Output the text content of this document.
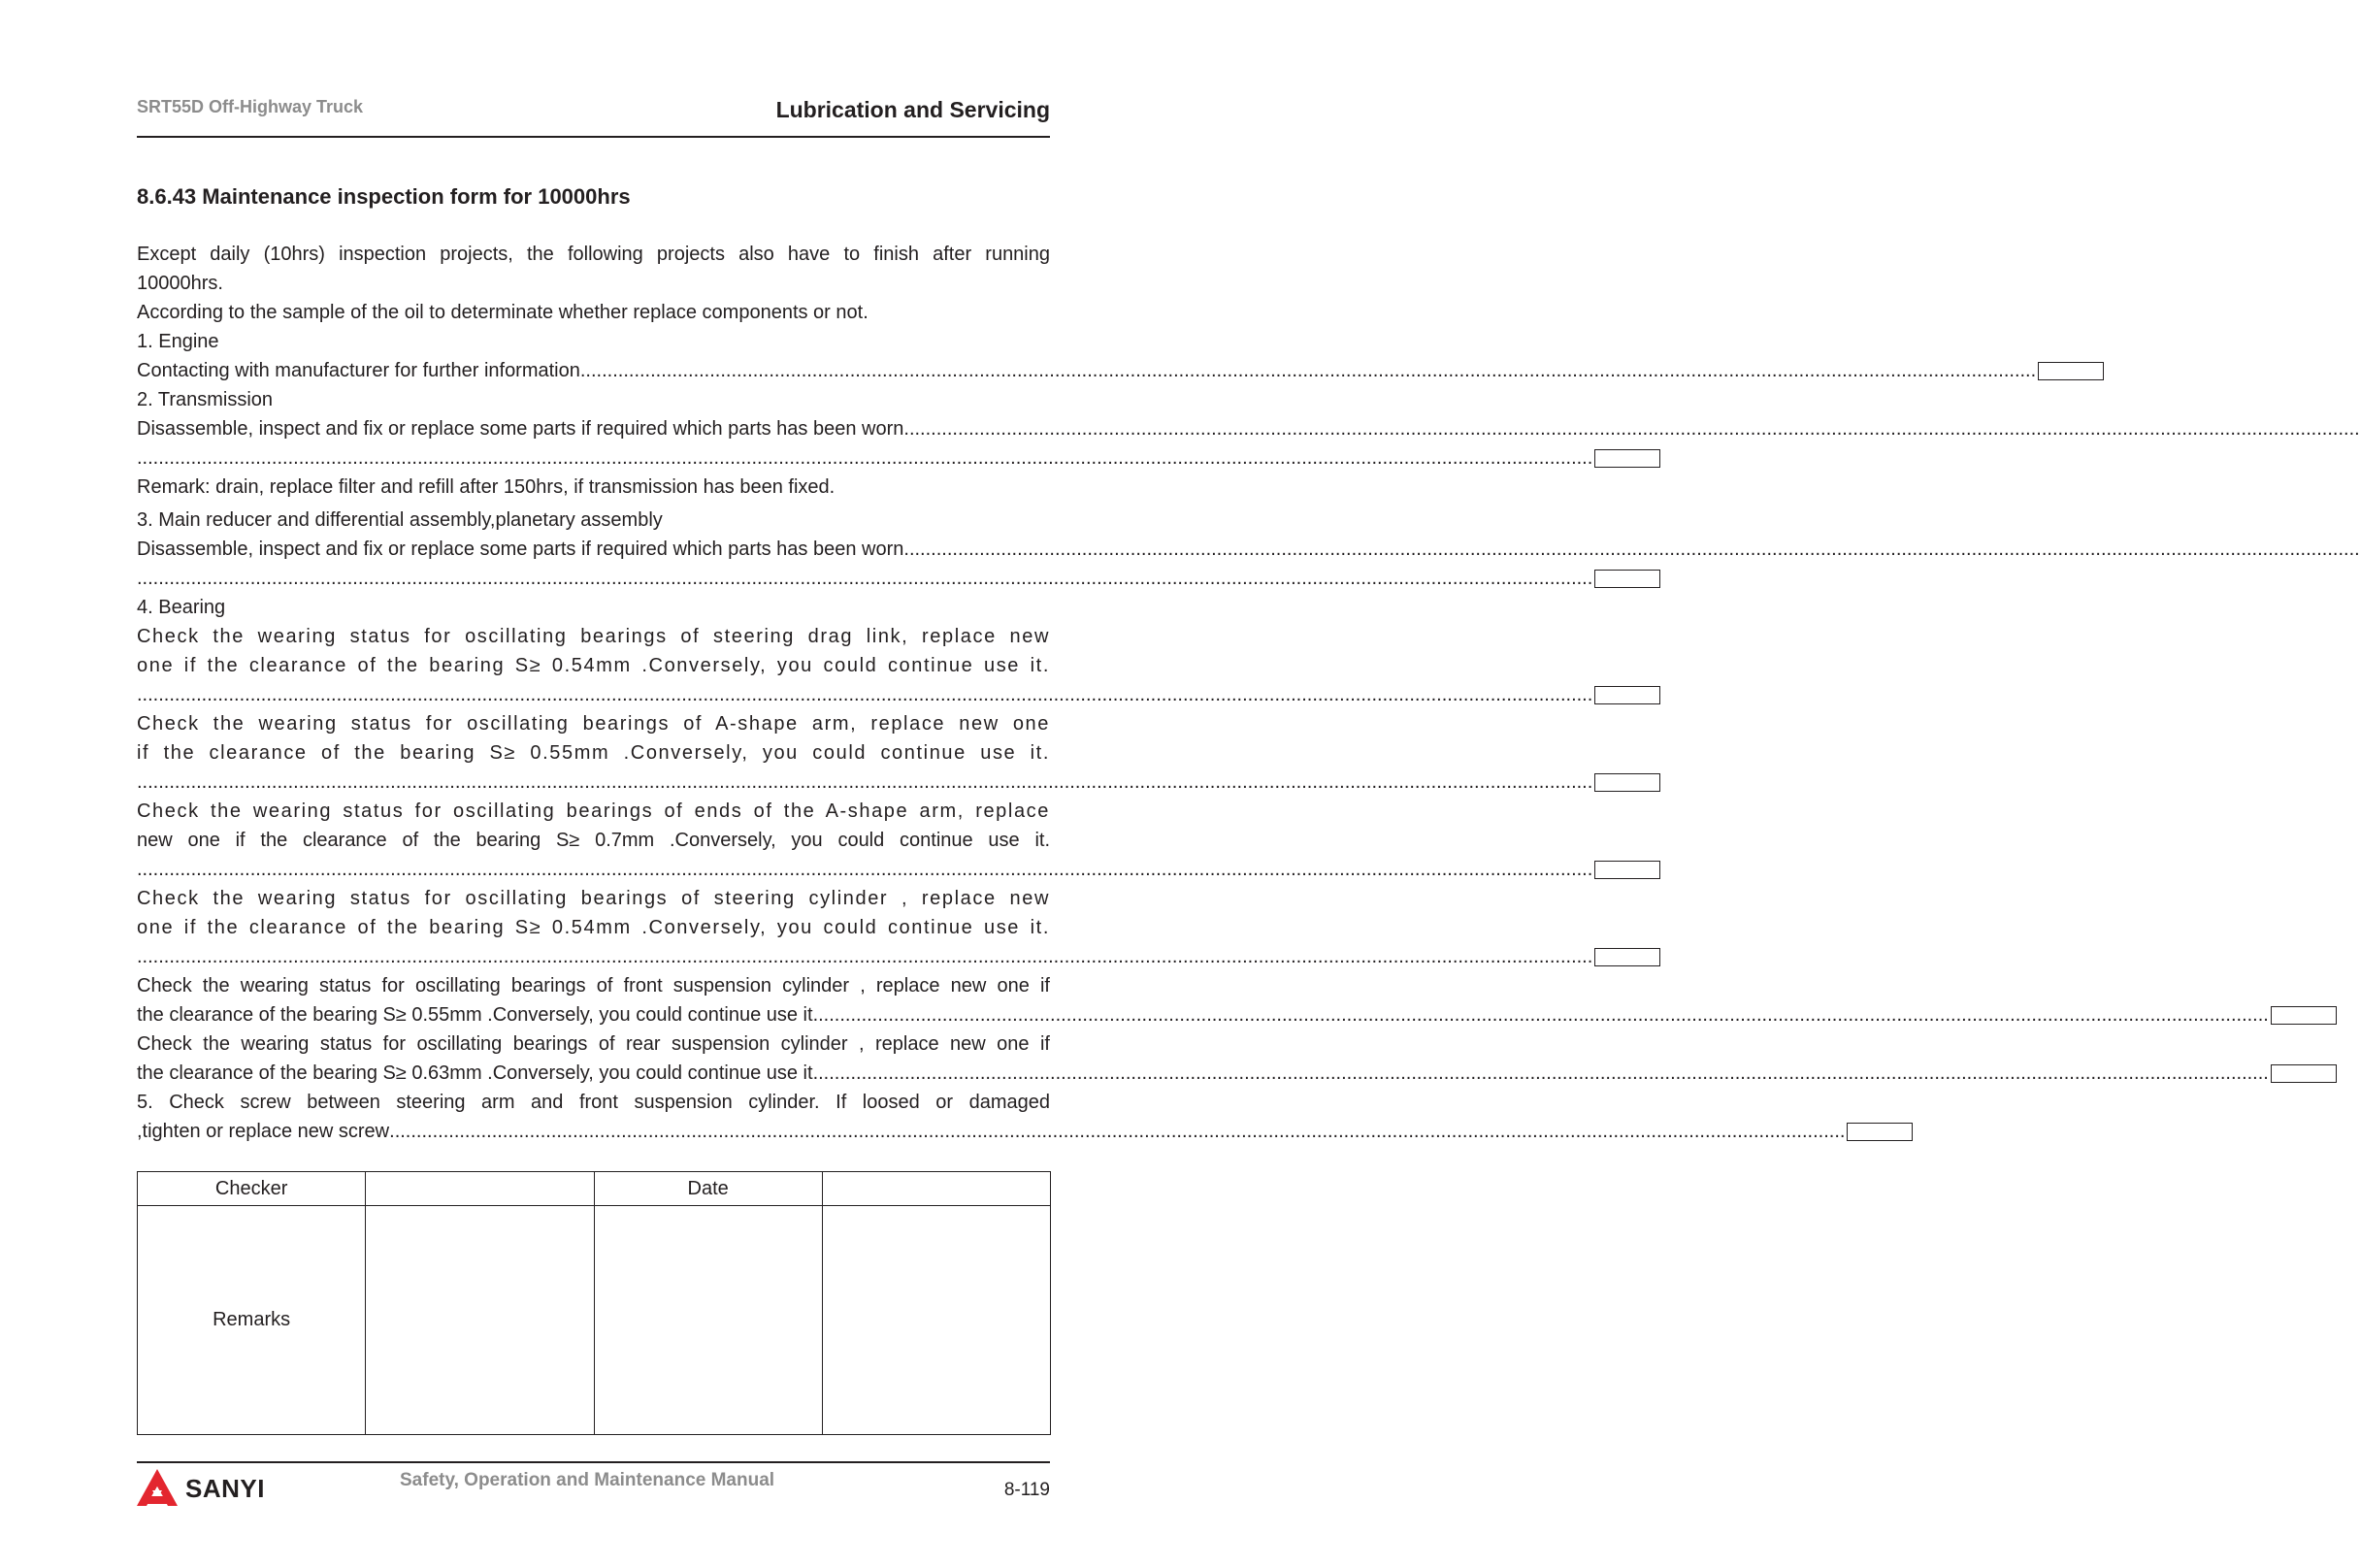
SRT55D Off-Highway Truck	Lubrication and Servicing
8.6.43 Maintenance inspection form for 10000hrs
Except daily (10hrs) inspection projects, the following projects also have to finish after running
10000hrs.
According to the sample of the oil to determinate whether replace components or not.
1. Engine
Contacting with manufacturer for further information ..............................................................................................................................................................................................................................................................................
2. Transmission
Disassemble, inspect and fix or replace some parts if required which parts has been worn ..............................................................................................................................................................................................................................................................................
..............................................................................................................................................................................................................................................................................
Remark: drain, replace filter and refill after 150hrs, if transmission has been fixed.
3. Main reducer and differential assembly,planetary assembly
Disassemble, inspect and fix or replace some parts if required which parts has been worn ..............................................................................................................................................................................................................................................................................
..............................................................................................................................................................................................................................................................................
4. Bearing
Check the wearing status for oscillating bearings of steering drag link, replace new
one if the clearance of the bearing S≥ 0.54mm .Conversely, you could continue use it.
..............................................................................................................................................................................................................................................................................
Check the wearing status for oscillating bearings of A-shape arm, replace new one
if the clearance of the bearing S≥ 0.55mm .Conversely, you could continue use it.
..............................................................................................................................................................................................................................................................................
Check the wearing status for oscillating bearings of ends of the A-shape arm, replace
new one if the clearance of the bearing S≥ 0.7mm .Conversely, you could continue use it.
..............................................................................................................................................................................................................................................................................
Check the wearing status for oscillating bearings of steering cylinder , replace new
one if the clearance of the bearing S≥ 0.54mm .Conversely, you could continue use it.
..............................................................................................................................................................................................................................................................................
Check the wearing status for oscillating bearings of front suspension cylinder , replace new one if
the clearance of the bearing S≥ 0.55mm .Conversely, you could continue use it ..............................................................................................................................................................................................................................................................................
Check the wearing status for oscillating bearings of rear suspension cylinder , replace new one if
the clearance of the bearing S≥ 0.63mm .Conversely, you could continue use it ..............................................................................................................................................................................................................................................................................
5. Check screw between steering arm and front suspension cylinder. If loosed or damaged
,tighten or replace new screw ..............................................................................................................................................................................................................................................................................
Checker		Date	
Remarks			
SANYI	Safety, Operation and Maintenance Manual	8-119
